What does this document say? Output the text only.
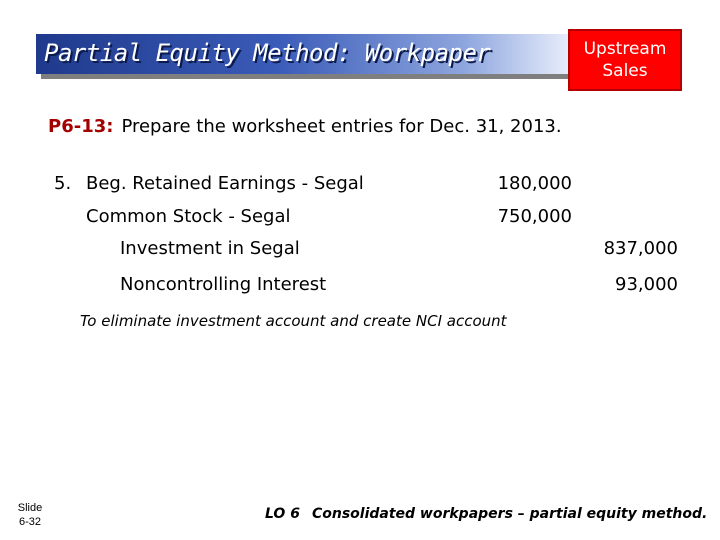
Partial Equity Method: Workpaper	Upstream
Sales
P6-13: Prepare the worksheet entries for Dec. 31, 2013.
5. Beg. Retained Earnings - Segal	180,000
Common Stock - Segal	750,000
Investment in Segal	837,000
Noncontrolling Interest	93,000
To eliminate investment account and create NCI account
Slide
6-32	LO 6 Consolidated workpapers – partial equity method.
